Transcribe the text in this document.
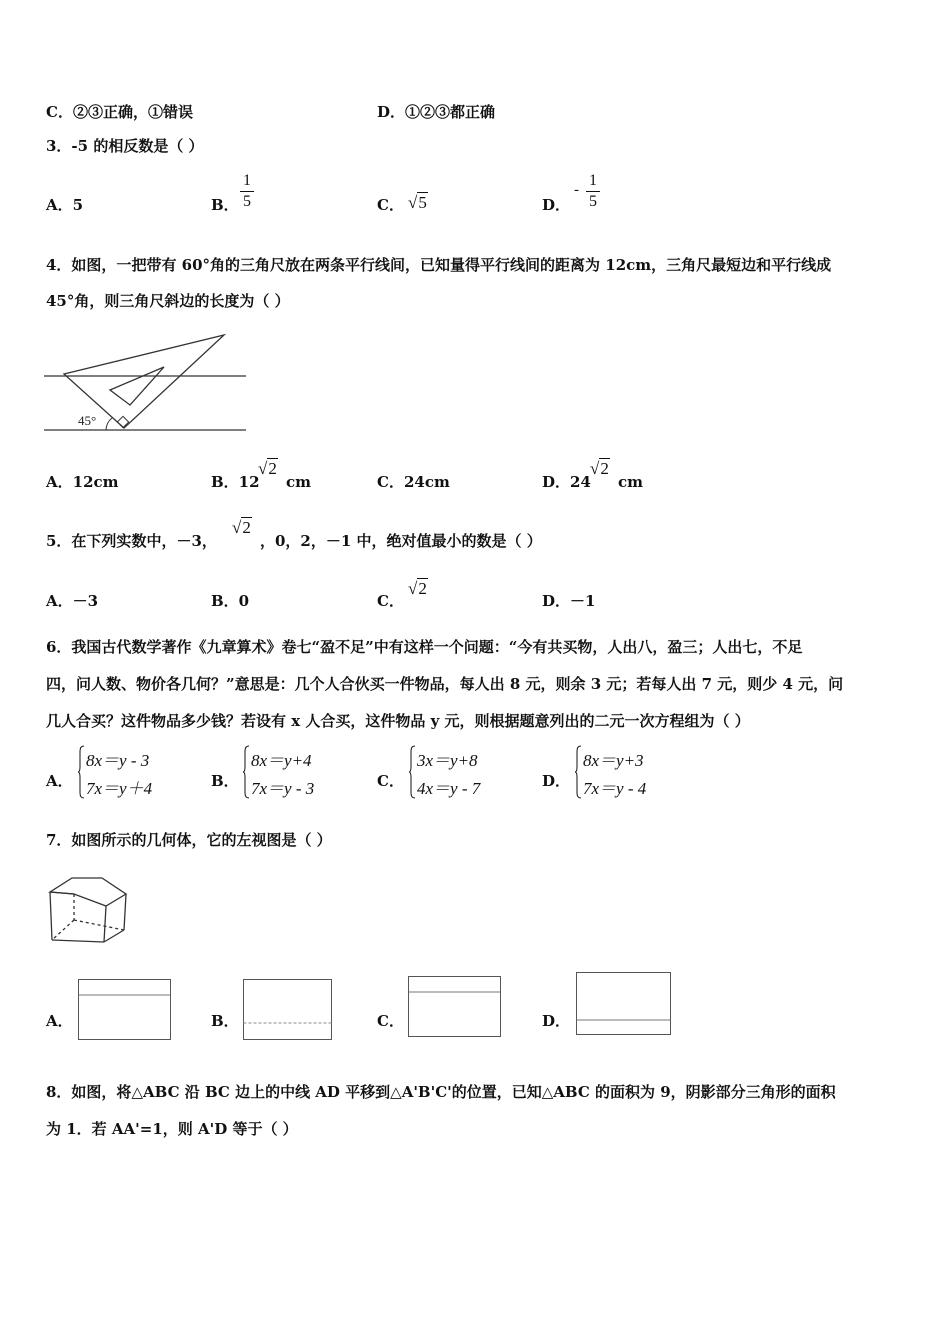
C．②③正确，①错误	D．①②③都正确
3．-5 的相反数是（ ）
A．5	B．
1
5	C． √5	D．
-
1
5
4．如图，一把带有 60°角的三角尺放在两条平行线间，已知量得平行线间的距离为 12cm，三角尺最短边和平行线成
45°角，则三角尺斜边的长度为（ ）
45°
A．12cm	B．12
√2
cm	C．24cm	D．24
√2
cm
5．在下列实数中，－3，
√2
，0，2，－1 中，绝对值最小的数是（ ）
A．－3	B．0	C．
√2
D．－1
6．我国古代数学著作《九章算术》卷七“盈不足”中有这样一个问题：“今有共买物，人出八，盈三；人出七，不足
四，问人数、物价各几何？”意思是：几个人合伙买一件物品，每人出 8 元，则余 3 元；若每人出 7 元，则少 4 元，问
几人合买？这件物品多少钱？若设有 x 人合买，这件物品 y 元，则根据题意列出的二元一次方程组为（ ）
A．
8x＝y - 3
7x＝y＋4	B．
8x＝y+4
7x＝y - 3	C．
3x＝y+8
4x＝y - 7	D．
8x＝y+3
7x＝y - 4
7．如图所示的几何体，它的左视图是（ ）
A．	B．	C．	D．
8．如图，将△ABC 沿 BC 边上的中线 AD 平移到△A'B'C'的位置，已知△ABC 的面积为 9，阴影部分三角形的面积
为 1．若 AA'=1，则 A'D 等于（ ）
